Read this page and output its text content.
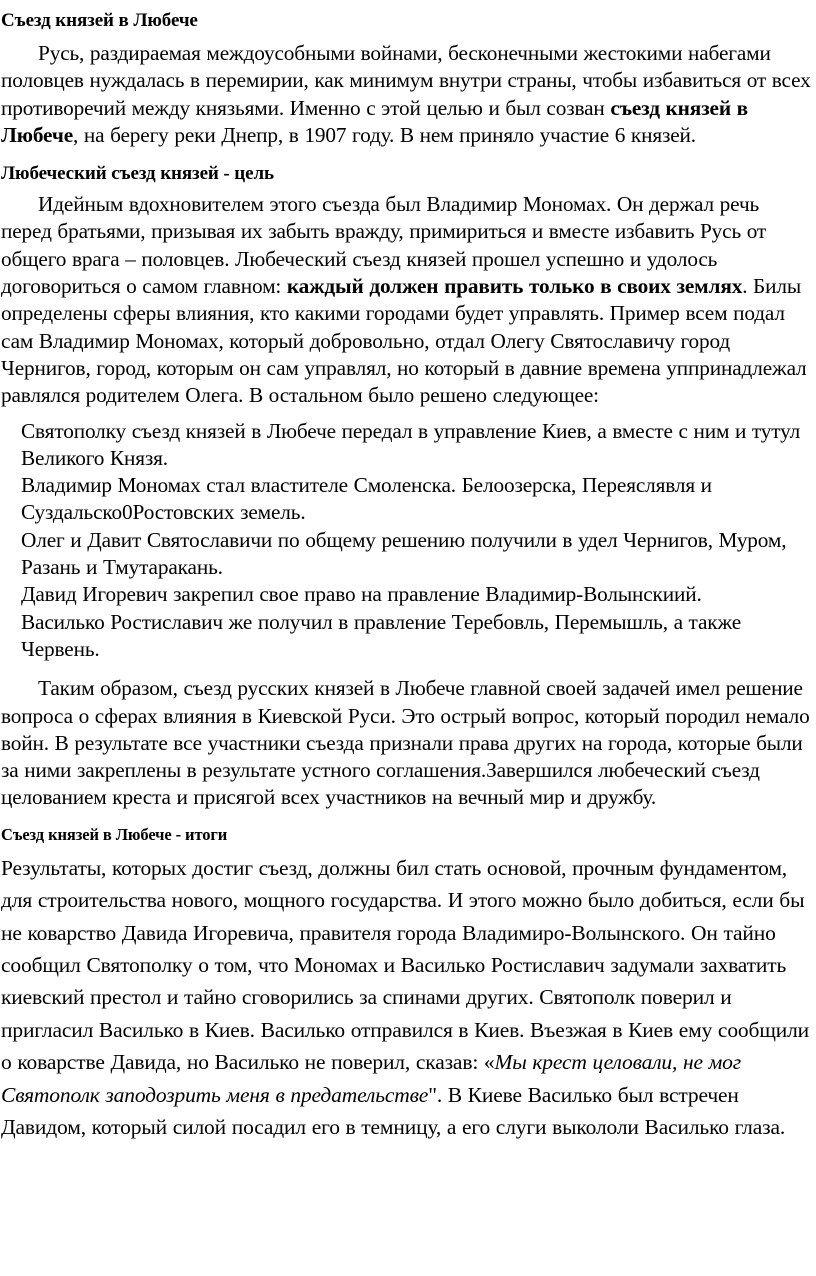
Съезд князей в Любече

Русь, раздираемая междоусобными войнами, бесконечными жестокими набегами половцев нуждалась в перемирии, как минимум внутри страны, чтобы избавиться от всех противоречий между князьями. Именно с этой целью и был созван съезд князей в Любече, на берегу реки Днепр, в 1907 году. В нем приняло участие 6 князей.

Любеческий съезд князей - цель

Идейным вдохновителем этого съезда был Владимир Мономах. Он держал речь перед братьями, призывая их забыть вражду, примириться и вместе избавить Русь от общего врага – половцев. Любеческий съезд князей прошел успешно и удолось договориться о самом главном: каждый должен править только в своих землях. Билы определены сферы влияния, кто какими городами будет управлять. Пример всем подал сам Владимир Мономах, который добровольно, отдал Олегу Святославичу город Чернигов, город, которым он сам управлял, но который в давние времена уппринадлежал равлялся родителем Олега. В остальном было решено следующее:

Святополку съезд князей в Любече передал в управление Киев, а вместе с ним и тутул Великого Князя.
Владимир Мономах стал властителе Смоленска. Белоозерска, Переяслявля и Суздальско0Ростовских земель.
Олег и Давит Святославичи по общему решению получили в удел Чернигов, Муром, Разань и Тмутаракань.
Давид Игоревич закрепил свое право на правление Владимир-Волынскиий.
Василько Ростиславич же получил в правление Теребовль, Перемышль, а также Червень.

Таким образом, съезд русских князей в Любече главной своей задачей имел решение вопроса о сферах влияния в Киевской Руси. Это острый вопрос, который породил немало войн. В результате все участники съезда признали права других на города, которые были за ними закреплены в результате устного соглашения.Завершился любеческий съезд целованием креста и присягой всех участников на вечный мир и дружбу.

Съезд князей в Любече - итоги

Результаты, которых достиг съезд, должны бил стать основой, прочным фундаментом, для строительства нового, мощного государства. И этого можно было добиться, если бы не коварство Давида Игоревича, правителя города Владимиро-Волынского. Он тайно сообщил Святополку о том, что Мономах и Василько Ростиславич задумали захватить киевский престол и тайно сговорились за спинами других. Святополк поверил и пригласил Василько в Киев. Василько отправился в Киев. Въезжая в Киев ему сообщили о коварстве Давида, но Василько не поверил, сказав: «Мы крест целовали, не мог Святополк заподозрить меня в предательстве". В Киеве Василько был встречен Давидом, который силой посадил его в темницу, а его слуги выкололи Василько глаза.
